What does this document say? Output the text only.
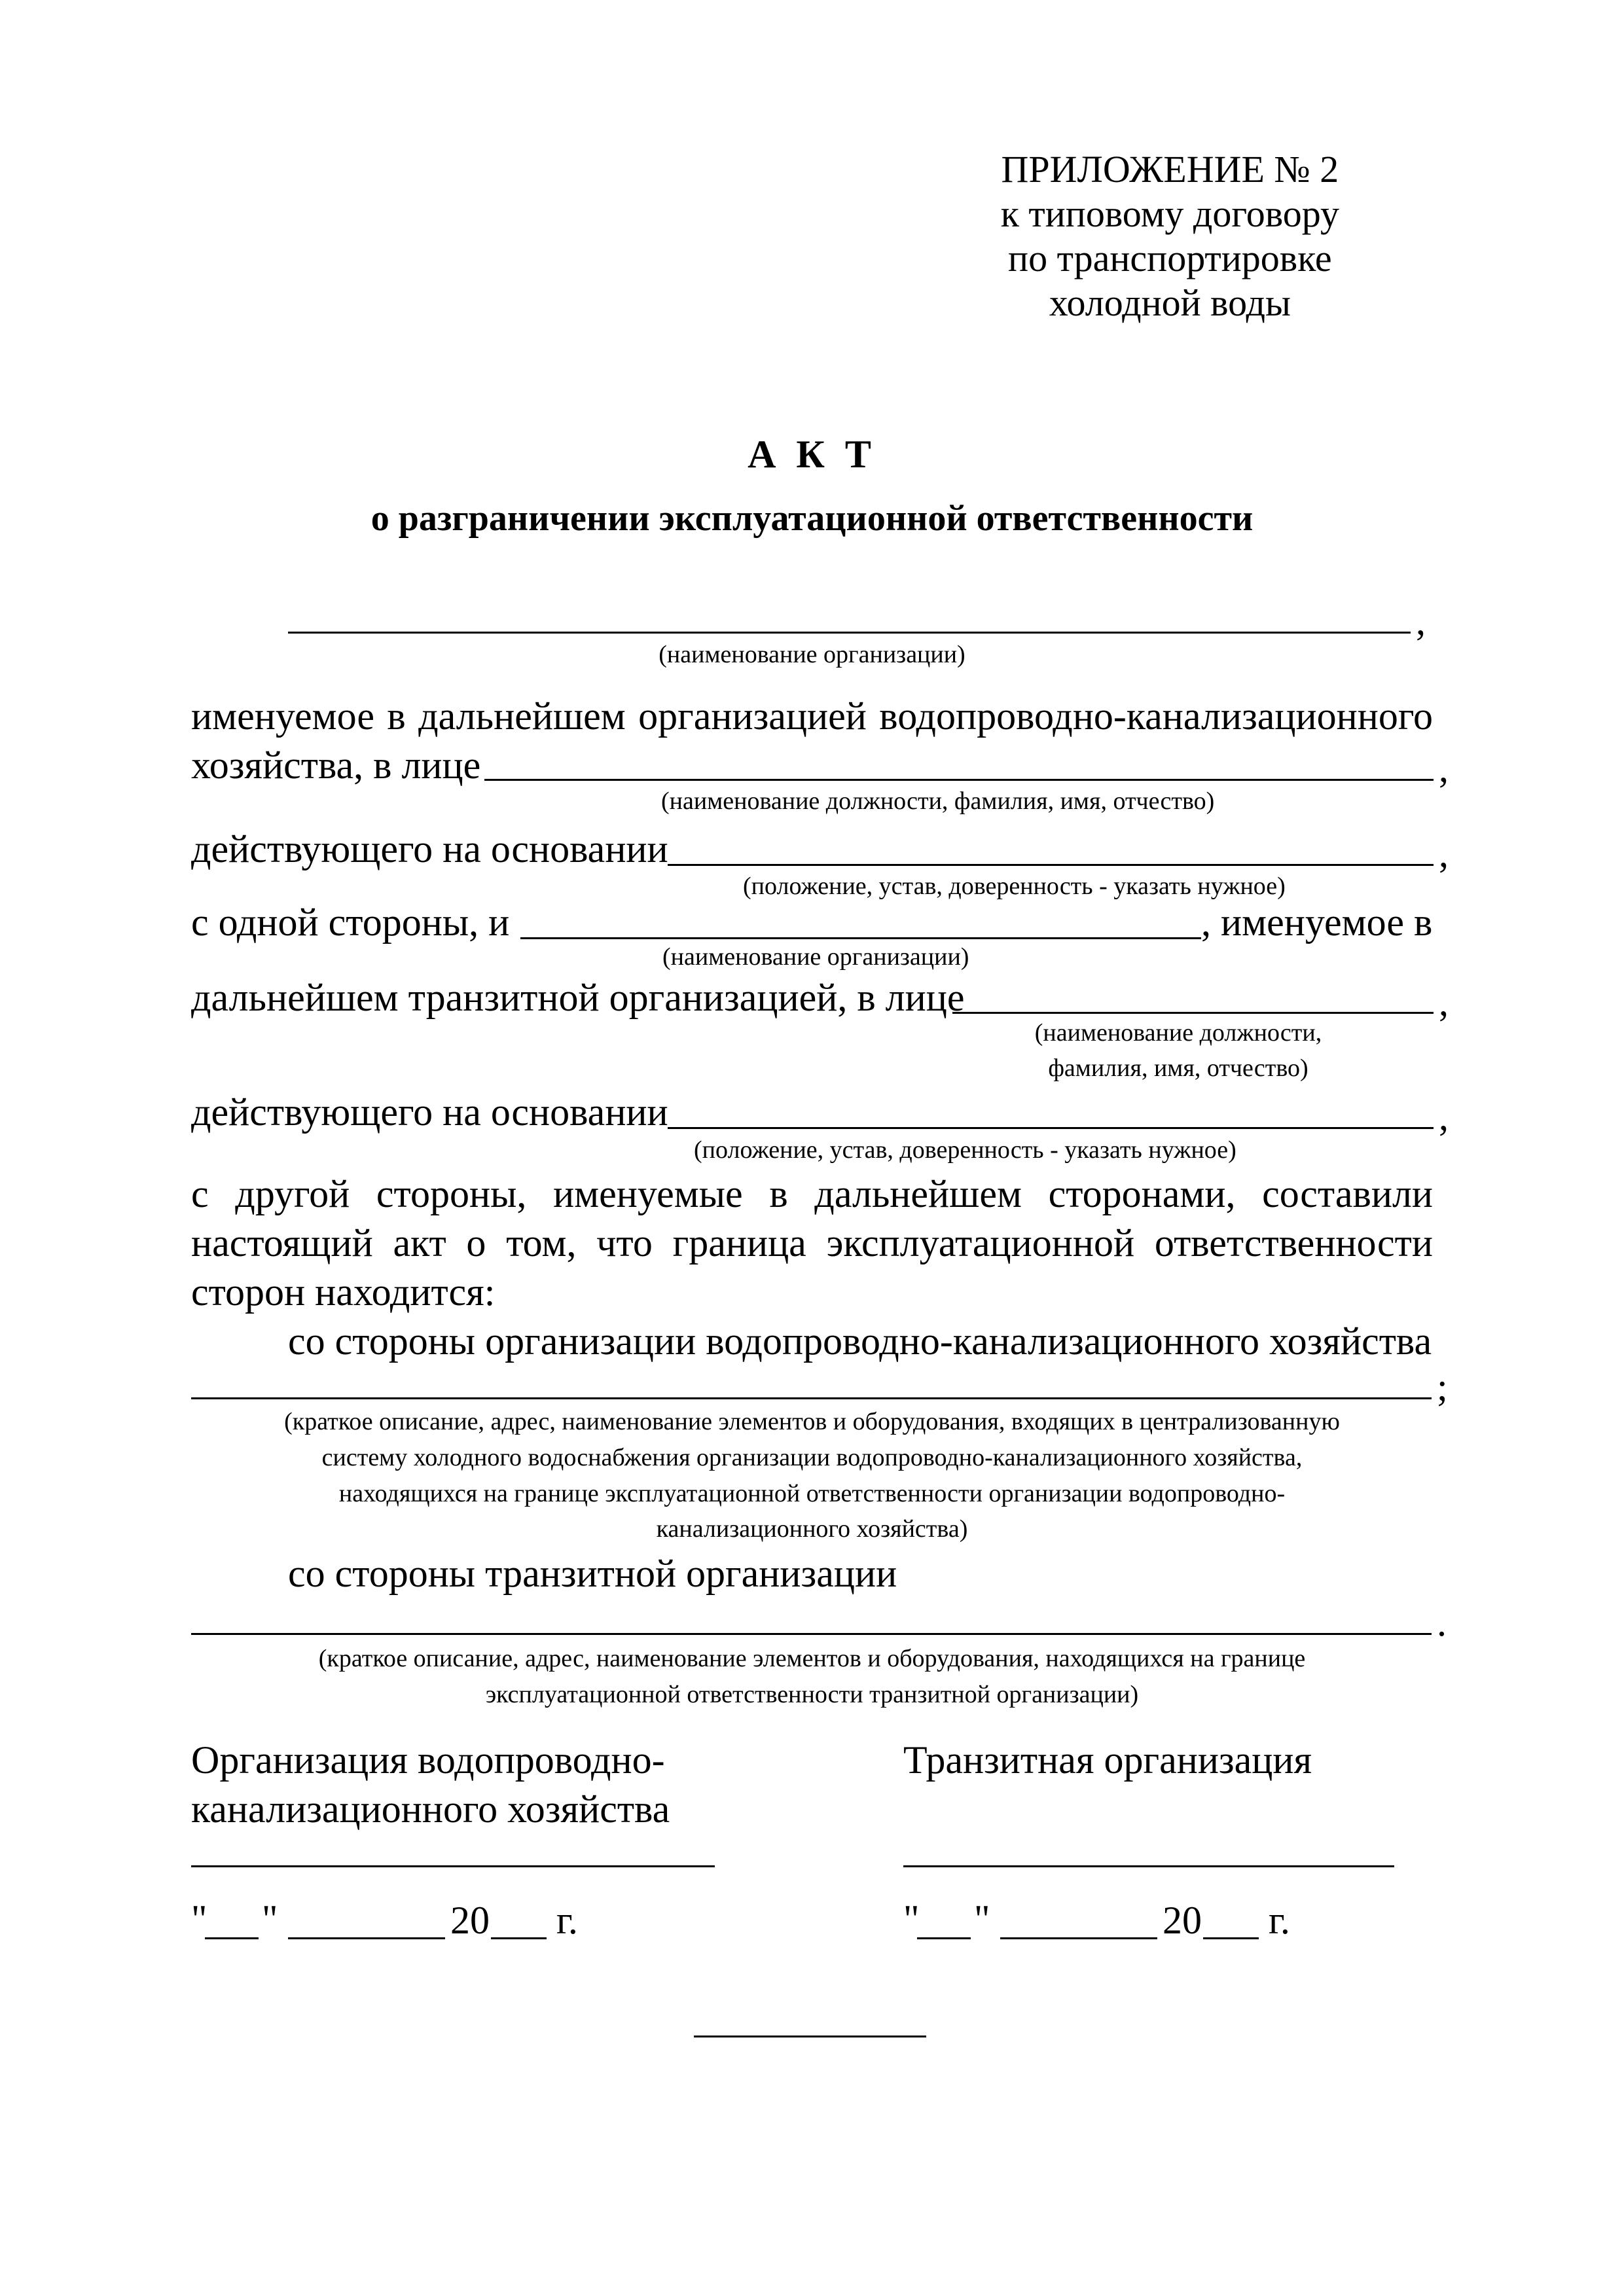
ПРИЛОЖЕНИЕ № 2
к типовому договору
по транспортировке
холодной воды
А К Т
о разграничении эксплуатационной ответственности
,
(наименование организации)
именуемое в дальнейшем организацией водопроводно-канализационного
хозяйства, в лице	,
(наименование должности, фамилия, имя, отчество)
действующего на основании	,
(положение, устав, доверенность - указать нужное)
с одной стороны, и	, именуемое в
(наименование организации)
дальнейшем транзитной организацией, в лице	,
(наименование должности,
фамилия, имя, отчество)
действующего на основании	,
(положение, устав, доверенность - указать нужное)
с другой стороны, именуемые в дальнейшем сторонами, составили
настоящий акт о том, что граница эксплуатационной ответственности
сторон находится:
со стороны организации водопроводно-канализационного хозяйства
;
(краткое описание, адрес, наименование элементов и оборудования, входящих в централизованную
систему холодного водоснабжения организации водопроводно-канализационного хозяйства,
находящихся на границе эксплуатационной ответственности организации водопроводно-
канализационного хозяйства)
со стороны транзитной организации
.
(краткое описание, адрес, наименование элементов и оборудования, находящихся на границе
эксплуатационной ответственности транзитной организации)
Организация водопроводно-
канализационного хозяйства
Транзитная организация
" "	20 г.	" "	20 г.
